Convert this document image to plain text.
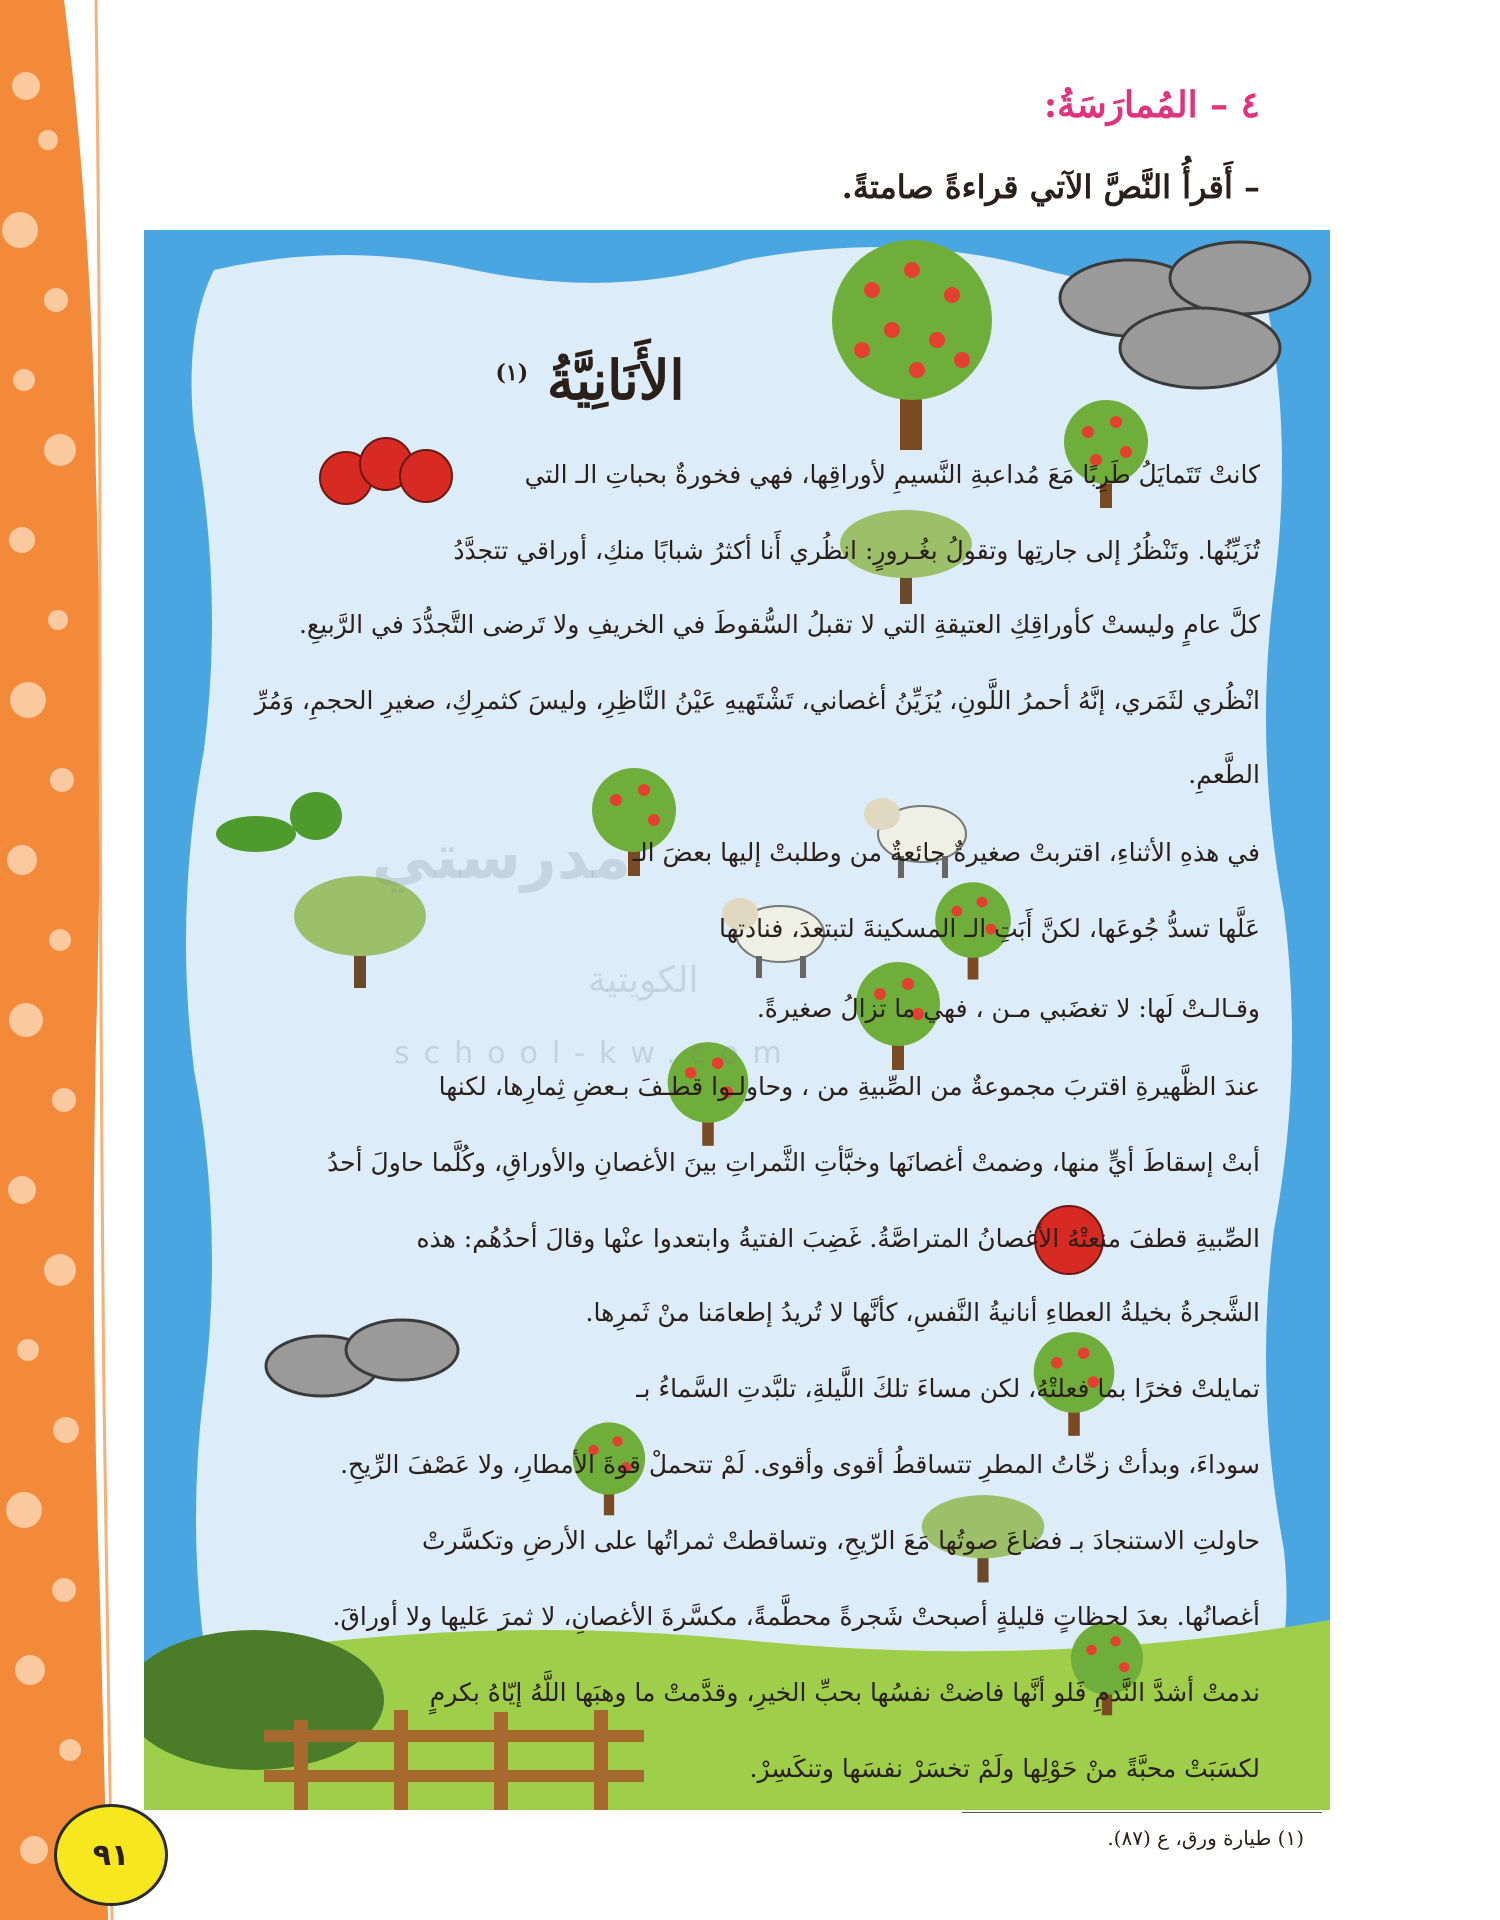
٤ – المُمارَسَةُ:
– أَقرأُ النَّصَّ الآتي قراءةً صامتةً.
الأَنَانِيَّةُ $^{(١)}$
مدرستي
الكويتية
school-kw.com
كانتْ تَتَمايَلُ طَرِبًا مَعَ مُداعبةِ النَّسيمِ لأوراقِها، فهي فخورةٌ بحباتِ الـ التي
تُزَيِّنُها. وتَنْظُرُ إلى جارتِها وتقولُ بغُـرورٍ: انظُري أَنا أكثرُ شبابًا منكِ، أوراقي تتجدَّدُ
كلَّ عامٍ وليستْ كأوراقِكِ العتيقةِ التي لا تقبلُ السُّقوطَ في الخريفِ ولا تَرضى التَّجدُّدَ في الرَّبيعِ.
انْظُري لثَمَري، إنَّهُ أحمرُ اللَّونِ، يُزَيِّنُ أغصاني، تَشْتَهيهِ عَيْنُ النَّاظِرِ، وليسَ كثمرِكِ، صغيرِ الحجمِ، وَمُرِّ
الطَّعمِ.
في هذهِ الأثناءِ، اقتربتْ صغيرةٌ جائعةٌ من وطلبتْ إليها بعضَ الـ
عَلَّها تسدُّ جُوعَها، لكنَّ أَبَتِ الـ المسكينةَ لتبتعدَ، فنادتها
وقـالـتْ لَها: لا تغضَبي مـن ، فهي ما تزالُ صغيرةً.
عندَ الظَّهيرةِ اقتربَ مجموعةٌ من الصِّبيةِ من ، وحاولـوا قطـفَ بـعضِ ثِمارِها، لكنها
أبتْ إسقاطَ أيٍّ منها، وضمتْ أغصانَها وخبَّأتِ الثَّمراتِ بينَ الأغصانِ والأوراقِ، وكُلَّما حاولَ أحدُ
الصِّبيةِ قطفَ منعتْهُ الأغصانُ المتراصَّةُ. غَضِبَ الفتيةُ وابتعدوا عنْها وقالَ أحدُهُم: هذه
الشَّجرةُ بخيلةُ العطاءِ أنانيةُ النَّفسِ، كأنَّها لا تُريدُ إطعامَنا منْ ثَمرِها.
تمايلتْ فخرًا بما فعلتْهُ، لكن مساءَ تلكَ اللَّيلةِ، تلبَّدتِ السَّماءُ بـ
سوداءَ، وبدأتْ زخّاتُ المطرِ تتساقطُ أقوى وأقوى. لَمْ تتحملْ قوةَ الأمطارِ، ولا عَصْفَ الرِّيحِ.
حاولتِ الاستنجادَ بـ فضاعَ صوتُها مَعَ الرّيحِ، وتساقطتْ ثمراتُها على الأرضِ وتكسَّرتْ
أغصانُها. بعدَ لحظاتٍ قليلةٍ أصبحتْ شَجرةً محطَّمةً، مكسَّرةَ الأغصانِ، لا ثمرَ عَليها ولا أوراقَ.
ندمتْ أشدَّ النَّدمِ فَلو أنَّها فاضتْ نفسُها بحبِّ الخيرِ، وقدَّمتْ ما وهبَها اللَّهُ إيّاهُ بكرمٍ
لكسَبَتْ محبَّةً منْ حَوْلِها ولَمْ تخسَرْ نفسَها وتنكَسِرْ.
(١) طيارة ورق، ع (٨٧).
٩١
